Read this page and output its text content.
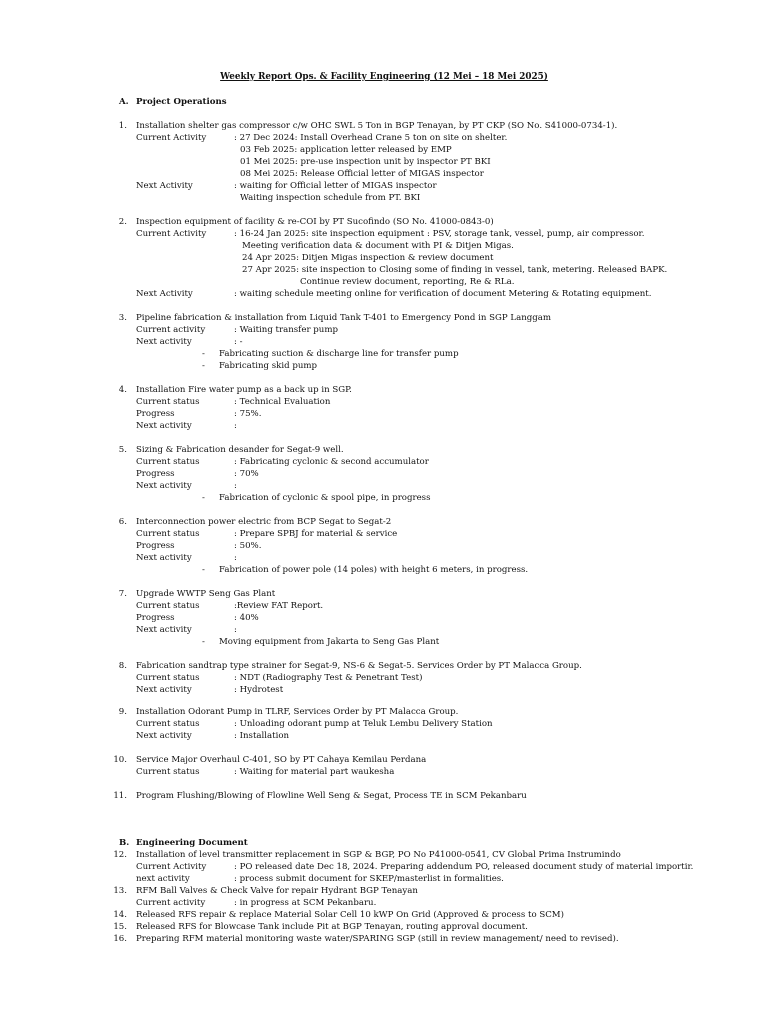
Weekly Report Ops. & Facility Engineering (12 Mei – 18 Mei 2025)
A. Project Operations
1. Installation shelter gas compressor c/w OHC SWL 5 Ton in BGP Tenayan, by PT CKP (SO No. S41000-0734-1).
Current Activity	: 27 Dec 2024: Install Overhead Crane 5 ton on site on shelter.
03 Feb 2025: application letter released by EMP
01 Mei 2025: pre-use inspection unit by inspector PT BKI
08 Mei 2025: Release Official letter of MIGAS inspector
Next Activity	: waiting for Official letter of MIGAS inspector
Waiting inspection schedule from PT. BKI
2. Inspection equipment of facility & re-COI by PT Sucofindo (SO No. 41000-0843-0)
Current Activity	: 16-24 Jan 2025: site inspection equipment : PSV, storage tank, vessel, pump, air compressor.
Meeting verification data & document with PI & Ditjen Migas.
24 Apr 2025: Ditjen Migas inspection & review document
27 Apr 2025: site inspection to Closing some of finding in vessel, tank, metering. Released BAPK.
Continue review document, reporting, Re & RLa.
Next Activity	: waiting schedule meeting online for verification of document Metering & Rotating equipment.
3. Pipeline fabrication & installation from Liquid Tank T-401 to Emergency Pond in SGP Langgam
Current activity	: Waiting transfer pump
Next activity	: -
- Fabricating suction & discharge line for transfer pump
- Fabricating skid pump
4. Installation Fire water pump as a back up in SGP.
Current status	: Technical Evaluation
Progress	: 75%.
Next activity	:
5. Sizing & Fabrication desander for Segat-9 well.
Current status	: Fabricating cyclonic & second accumulator
Progress	: 70%
Next activity	:
- Fabrication of cyclonic & spool pipe, in progress
6. Interconnection power electric from BCP Segat to Segat-2
Current status	: Prepare SPBJ for material & service
Progress	: 50%.
Next activity	:
- Fabrication of power pole (14 poles) with height 6 meters, in progress.
7. Upgrade WWTP Seng Gas Plant
Current status	:Review FAT Report.
Progress	: 40%
Next activity	:
- Moving equipment from Jakarta to Seng Gas Plant
8. Fabrication sandtrap type strainer for Segat-9, NS-6 & Segat-5. Services Order by PT Malacca Group.
Current status	: NDT (Radiography Test & Penetrant Test)
Next activity	: Hydrotest
9. Installation Odorant Pump in TLRF, Services Order by PT Malacca Group.
Current status	: Unloading odorant pump at Teluk Lembu Delivery Station
Next activity	: Installation
10. Service Major Overhaul C-401, SO by PT Cahaya Kemilau Perdana
Current status	: Waiting for material part waukesha
11. Program Flushing/Blowing of Flowline Well Seng & Segat, Process TE in SCM Pekanbaru
B. Engineering Document
12. Installation of level transmitter replacement in SGP & BGP, PO No P41000-0541, CV Global Prima Instrumindo
Current Activity	: PO released date Dec 18, 2024. Preparing addendum PO, released document study of material importir.
next activity	: process submit document for SKEP/masterlist in formalities.
13. RFM Ball Valves & Check Valve for repair Hydrant BGP Tenayan
Current activity	: in progress at SCM Pekanbaru.
14. Released RFS repair & replace Material Solar Cell 10 kWP On Grid (Approved & process to SCM)
15. Released RFS for Blowcase Tank include Pit at BGP Tenayan, routing approval document.
16. Preparing RFM material monitoring waste water/SPARING SGP (still in review management/ need to revised).
